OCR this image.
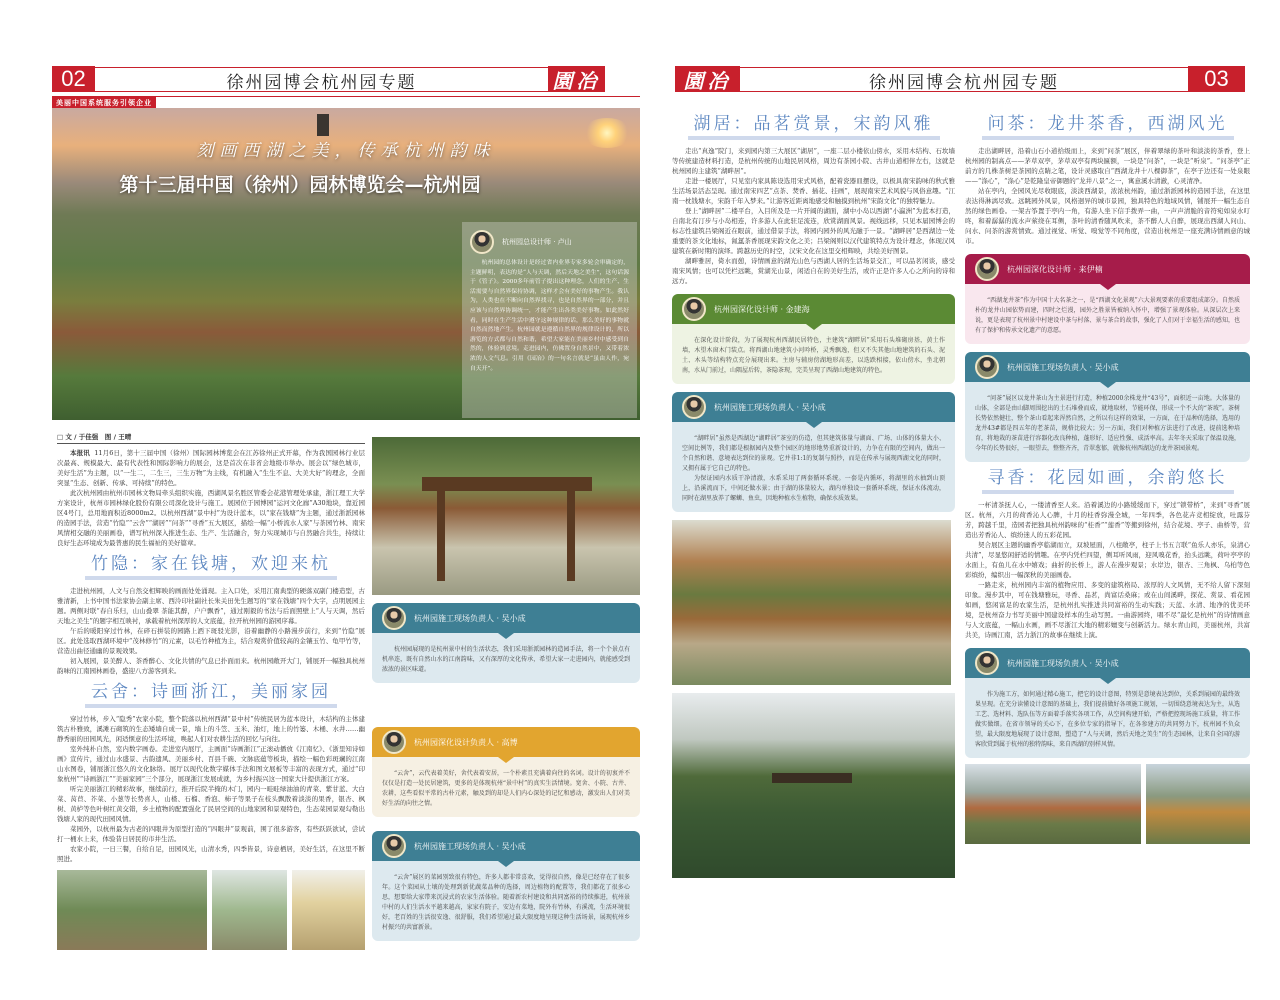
02	徐州园博会杭州园专题	園冶
美丽中国系统服务引领企业
刻画西湖之美，传承杭州韵味
第十三届中国（徐州）园林博览会—杭州园
杭州园总设计师 · 卢山

杭州园的总体设计是经过省内业界专家多轮会审确定的，主题鲜明，表达的是“人与天调，然后天地之美生”，这句话源于《管子》。2000多年前管子提出这种理念，人们的生产、生活需要与自然界保持协调，这样才会有美好的事物产生。我认为，人类也在不断向自然界找寻，也是自然界的一部分，并且应该与自然界协调统一，才能产生出各类美好事物。如此然好看，同时在生产生活中遵守这种规律的话，那么美好的事物就自然而然地产生。杭州园就是遵循自然界的规律设计的，所以游览的方式都与自然和谐，希望大家能在美丽乡村中感受到自然的，体验到意境。走进园内，仿佛置身自然景中，又带着浓浓的人文气息。引用《园冶》的一句名言就是“虽由人作，宛自天开”。

□ 文 / 于佳强　图 / 王晴

本报讯 11月6日，第十三届中国（徐州）国际园林博览会在江苏徐州正式开幕，作为我国园林行业层次最高、规模最大、最有代表性和国际影响力的展会，这是首次在非省会地级市举办。展会以“绿色城市，美好生活”为主题，以“一生二，二生三，三生万物”为主线，有机融入“生生不息、大美大好”的理念，全面突显“生态、创新、传承、可持续”的特色。

此次杭州园由杭州市园林文物局牵头组织实施，西湖风景名胜区管委会花港管理处承建，浙江理工大学方案设计，杭州市园林绿化股份有限公司深化设计与施工。展园位于园博园“运河文化廊”A30地块，靠近园区4号门，总用地面积近8000m2。以杭州西湖“景中村”为设计蓝本，以“家在钱塘”为主题，通过浙派园林的造园手法，营造“竹隐”“云舍”“湖居”“问茶”“寻香”五大展区，描绘一幅“小桥流水人家”与茶园竹林、南宋风情相交融的美丽画卷，谱写杭州深入推进生态、生产、生活融合，努力实现城市与自然融合共生，持续让良好生态环境成为最普惠的民生福祉的美好篇章。

竹隐：家在钱塘，欢迎来杭

走进杭州园，人文与自然交相辉映的画面处处涌现。主入口处，采用江南典型的硬落双副门楼造型，古雅清新，上书中国书法家协会副主席、西泠印社副社长朱关田先生题写的“家在钱塘”四个大字，点明展园主题。两侧对联“春自乐归，山山叠翠 茶能其醉，户户飘香”，通过刚毅的书法与后面照壁上“人与天调，然后天地之美生”的题字相互映衬，承载着杭州深厚的人文底蕴，拉开杭州园的游园序幕。

午后的暖阳穿过竹林，在碎石拼装的园路上洒下斑驳光影，沿着幽静的小路漫步前行，来到“竹隐”展区。此处选取西湖环境中“茂林修竹”的元素，以毛竹种植为主，结合观赏价值较高的金镶玉竹、龟甲竹等，营造出曲径通幽的景观效果。

初入展园，景美醉人、茶香醉心、文化共情的气息已扑面而来。杭州园敞开大门，铺展开一幅独具杭州韵味的江南园林画卷，盛迎八方游客到来。

云舍：诗画浙江，美丽家园

穿过竹林，步入“隐秀”农家小院，整个院落以杭州西湖“景中村”传统民居为蓝本设计，木结构的主体建筑古朴雅致，溪滩石砌筑的生态矮墙自成一景，墙上的斗笠、玉米、油灯，地上的竹篓、木桶、水井……幽静秀丽的田园风光，闲适惬意的生活环境，唤起人们对农耕生活的回忆与向往。

室外纯朴自然，室内数字画卷。走进室内展厅，主画面“诗画浙江”正滚动播放《江南忆》、《浙里知诗如画》宣传片，通过山水盛景、古韵遗风、美丽乡村、百县千碗、文脉底蕴等板块，描绘一幅色彩斑斓的江南山水图卷，铺展浙江悠久的文化脉络。展厅以现代化数字媒体手法和图文展板等丰富的表现方式，通过“印象杭州”“诗画浙江”“美丽家园”三个部分，展现浙江发展成就，为乡村振兴这一国家大计提供浙江方案。

听完美丽浙江的精彩故事，继续前行，推开后院半掩的木门，园内一畦畦绿油油的青菜、紫甘蓝、大白菜、莴苣、芥菜、小葱等长势喜人，山楂、石榴、香泡、柿子等果子在枝头飘散着淡淡的果香，银杏、枫树、黄栌等色叶树红黄交错，乡土植物的配置强化了民居空间的山地家园和景观特色，生态菜园景观勾勒出钱塘人家的现代田园风情。

菜园外，以杭州最为古老的四眼井为原型打造的“四眼井”景观前，围了很多游客，有些跃跃欲试，尝试打一桶水上来，体验昔日居民的市井生活。

农家小院，一日三餐，自给自足，田园风光，山清水秀，四季皆景，诗意栖居，美好生活，在这里不断照进。

杭州园施工现场负责人 · 吴小成

杭州园展现的是杭州景中村的生活状态，我们采用浙派园林的造园手法，将一个个景点有机串连，既有自然山水的江南韵味，又有深厚的文化传承，希望大家一走进园内，就能感受到浓浓的景区味道。

杭州园深化设计负责人 · 高博

“云舍”，云代表着美好，舍代表着安居，一个朴素且充满着向往的名词。设计的初衷并不仅仅是打造一处民居建筑，更多的是体现杭州“景中村”的真实生活情境。宽舍、小院、古井、农耕，这些看似平常的古朴元素，触及到的却是人们内心深处的记忆和感动，激发出人们对美好生活的向往之情。

杭州园施工现场负责人 · 吴小成

“云舍”展区的菜园别致很有特色，许多人都非常喜欢，觉得很自然，像是已经存在了很多年。这个菜园从土壤的处理到新优蔬菜品种的选择，周边植物的配置等，我们都花了很多心思，想要给大家带来沉浸式的农家生活体验。随着新农村建设和共同富裕的持续推进，杭州景中村的人们生活水平越来越高，家家有院子，安边有菜地，院外有竹林，有溪流，生活环境很好，老百姓的生活很安逸、很舒服，我们希望通过最大限度地呈现这种生活场景，展现杭州乡村振兴的共富新景。

園冶	徐州园博会杭州园专题	03
湖居：品茗赏景，宋韵风雅

走出“真逸”院门，来到园内第三大展区“湖居”，一座二层小楼依山傍水，采用木结构、石坎墙等传统建造材料打造，是杭州传统的山地民居风格，周边有茶园小院、古井山道相伴左右，这就是杭州园的主建筑“湖畔居”。

走进一楼展厅，只见室内家具陈设选用宋式风格，配着瓷器皿摆设，以极具南宋韵味的秋式雅生活场景活态呈现。通过南宋四艺“点茶、焚香、插花、挂画”，展现南宋艺术风貌与风俗意趣。“江南一枕钱塘水，宋韵千年入梦来。”让游客近距离地感受和触摸到杭州“宋韵文化”的独特魅力。

登上“湖畔居”二楼平台，入目所及是一片开阔的湖面，湖中小岛以西湖“小瀛洲”为蓝本打造，自南北有汀步与小岛相连，许多游人在此驻足流连，欣赏湖面风景。视线远移，只见本届园博会的标志性建筑吕梁阁近在眼前，通过借景手法，将园内园外的风光融于一景。“湖畔居”是西湖边一处重要的茶文化地标，氤氲茶香展现宋韵文化之美；吕梁阁则以汉代建筑特点为设计理念，体现汉风建筑在新时期的演绎。跨越历史的时空，汉宋文化在这里交相辉映，共绘美好图景。

湖畔雅居，倚水而憩，诗情画意的湖光山色与西湖人居的生活场景交汇，可以品茗闲谈，感受南宋风情；也可以凭栏远眺，赏湖光山景，闲适自在的美好生活，或许正是许多人心之所向的诗和远方。

杭州园深化设计师 · 金建海

在深化设计阶段，为了展现杭州西湖民居特色，主建筑“湖畔居”采用石头堆砌房基，黄土作墙，木望木窗木门装点。将西湖山地建筑小河吟桥，灵秀飘逸，但又不失其他山地建筑的石头、泥土、木头等结构特点充分展现出来。主房与辅房傍湖地形高差，以迭跌相接，依山傍水，坐北朝南，水从门前过，山隅屋后转，茶隐茶现，完美呈现了西湖山地建筑的特色。

杭州园施工现场负责人 · 吴小成

“湖畔居”虽然是西湖边“湖畔居”茶室的仿造，但其建筑体量与湖面、广场、山体的体量大小、空间比例等，我们都是根据园内及整个园区的地形地势重新设计的，力争在有限的空间内，做出一个自然和谐、意境表达到位的景观。它并非1:1的复制与照抄，而是在传承与展现西湖文化的同时，又拥有属于它自己的特色。

为保证园内水质干净清澈，水系采用了两套循环系统。一套是内循环，将湖里的水抽到山顶上，沿溪流而下，中间还做水景；由于湖的体量较大，湖内单独设一套循环系统，保证水体流动，同时在湖里放养了螺蛳、鱼虫，因地种植水生植物，确保水质效果。

问茶：龙井茶香，西湖风光

走出湖畔居，沿着山石小道拾级而上，来到“问茶”展区，伴着翠绿的茶叶和淡淡的茶香，登上杭州园的制高点——茅草双亭，茅草双亭有两块匾额，一块是“问茶”，一块是“听泉”。“问茶亭”正前方的几株茶树是茶园的点睛之笔，设计灵感取自“西湖龙井十八棵御茶”，在亭子边还有一处泉眼——“涤心”，“涤心”是乾隆皇帝御题的“龙井八景”之一，寓意溪水清澈，心灵清净。

站在亭内，全园风光尽收眼底，淡淡西湖景，浓浓杭州韵，通过浙派园林的造园手法，在这里表达得淋漓尽致。远眺园外风景，风格迥异的城市景园，独具特色的地域风情，铺展开一幅生态自然的绿色画卷。一架古筝置于亭内一角，有游人坐下信手拨弄一曲，一声声清脆的音符宛如泉水叮咚，和着潺潺的流水声萦绕在耳侧，茶叶的清香随风吹来，茶不醉人人自醉，展现出西湖人问山、问水、问茶的游赏情致。通过视觉、听觉、嗅觉等不同角度，营造出杭州是一座充满诗情画意的城市。

杭州园深化设计师 · 来伊楠

“西湖龙井茶”作为中国十大名茶之一，是“西湖文化景观”六大景观要素的重要组成部分。自然质朴的龙井山园依势而建，四时之烂漫，园外之胜景皆被纳入怀中，增强了景观体验。从深层次上来说，更是表现了杭州景中村建设中茶与村落、景与茶合的故事，强化了人们对于幸福生活的感知，也有了保护和传承文化遗产的意愿。

杭州园施工现场负责人 · 吴小成

“问茶”展区以龙井茶山为主景进行打造，种植2000余株龙井“43号”，面积近一亩地。大体量的山体，全部是由山脚周围挖出的土石堆叠而成，就地取材，节能环保，形成一个不大的“茶坡”。茶树长势依然健壮，整个茶山看起来浑然自然，之所以有这样的效果，一方面，在于品种的选择，选用的龙井43#都是四五年的老茶苗，规格比较大；另一方面，我们对种植方法进行了改进，提前选种培育，将地栽的茶苗进行容器化改良种植，蓬形好、适应性强、成活率高。去年冬天采取了保温设施，今年的长势很好，一眼望去，整整齐齐，青翠葱郁，就像杭州西湖边的龙井茶园景观。

寻香：花园如画，余韵悠长

一杯清茶抚人心，一缕清香至人来。沿着溪边的小路缓缓而下，穿过“锁带桥”，来到“寻香”展区。杭州，六月的荷香沁人心脾，十月的桂香弥漫全城，一年四季，各色花卉竞相绽放，吐露芬芳，跨越千里，造园者把独具杭州韵味的“桂香”“莲香”等搬到徐州，结合花境、亭子、曲桥等，营造出芳香沁人、缤纷迷人的五彩花园。

契合展区主题的幽香亭临湖而立，双坡屋面，八柱敞亭，柱子上书五言联“鱼乐人亦乐，泉清心共清”，尽显悠闲舒适的情趣。在亭内凭栏四望，侧耳听风雨，迎风嗅花香，抬头远眺，荷叶亭亭的水面上，有鱼儿在水中嬉戏；曲折的长桥上，游人在漫步观景；水岸边，银杏、三角枫、乌桕等色彩缤纷，编织出一幅深秋的美丽画卷。

一路走来，杭州园内丰富的植物应用、多变的建筑格局、浓厚的人文风情，无不给人留下深刻印象。漫步其中，可在钱塘雅玩，寻香、品茗，尚富话桑麻；或在山间溪畔，探花、赏景、看花园如画，悠闲富足的农家生活，是杭州扎实推进共同富裕的生动实践；天蓝、水清、地净的优美环境，是杭州奋力书写美丽中国建设样本的生动写照。一曲游园终，唱不尽“最忆是杭州”的诗情画意与人文底蕴，一幅山水画，画不尽浙江大地的精彩嬗变与创新活力。绿水青山间，美丽杭州，共富共美，诗画江南，活力浙江的故事在继续上演。

杭州园施工现场负责人 · 吴小成

作为施工方，如何通过精心施工，把它的设计意图，特别是意境表达到位，关系到展园的最终效果呈现。在充分读懂设计意图的基础上，我们提前做好各项施工规划，一切围绕意境表达为主，从选工艺、选材料、选队伍等方面着手落实各项工作，从空间构建开始，严格把控现场施工质量，将工作做实做细。在省市领导的关心下，在多位专家的指导下，在各参建方的共同努力下，杭州园不负众望，最大限度地展现了设计意图，塑造了“人与天调，然后天地之美生”的生态园林，让来自全国的游客欣赏到属于杭州的独特韵味，来自西湖的别样风情。
